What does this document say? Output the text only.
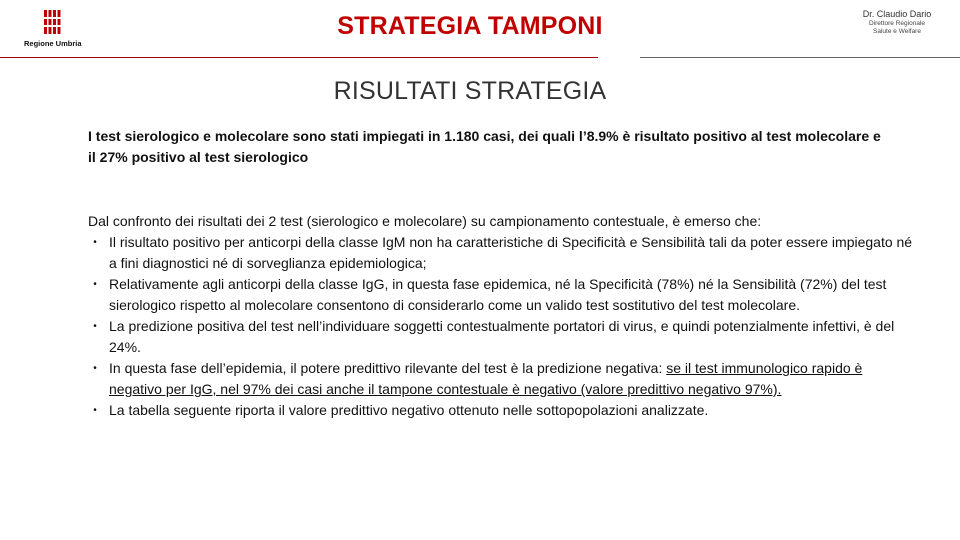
Regione Umbria
STRATEGIA TAMPONI	Dr. Claudio Dario
Direttore Regionale
Salute e Welfare
RISULTATI STRATEGIA
I test sierologico e molecolare sono stati impiegati in 1.180 casi, dei quali l’8.9% è risultato positivo al test molecolare e il 27% positivo al test sierologico

Dal confronto dei risultati dei 2 test (sierologico e molecolare) su campionamento contestuale, è emerso che:

• Il risultato positivo per anticorpi della classe IgM non ha caratteristiche di Specificità e Sensibilità tali da poter essere impiegato né a fini diagnostici né di sorveglianza epidemiologica;
• Relativamente agli anticorpi della classe IgG, in questa fase epidemica, né la Specificità (78%) né la Sensibilità (72%) del test sierologico rispetto al molecolare consentono di considerarlo come un valido test sostitutivo del test molecolare.
• La predizione positiva del test nell’individuare soggetti contestualmente portatori di virus, e quindi potenzialmente infettivi, è del 24%.
• In questa fase dell’epidemia, il potere predittivo rilevante del test è la predizione negativa: se il test immunologico rapido è negativo per IgG, nel 97% dei casi anche il tampone contestuale è negativo (valore predittivo negativo 97%).
• La tabella seguente riporta il valore predittivo negativo ottenuto nelle sottopopolazioni analizzate.
